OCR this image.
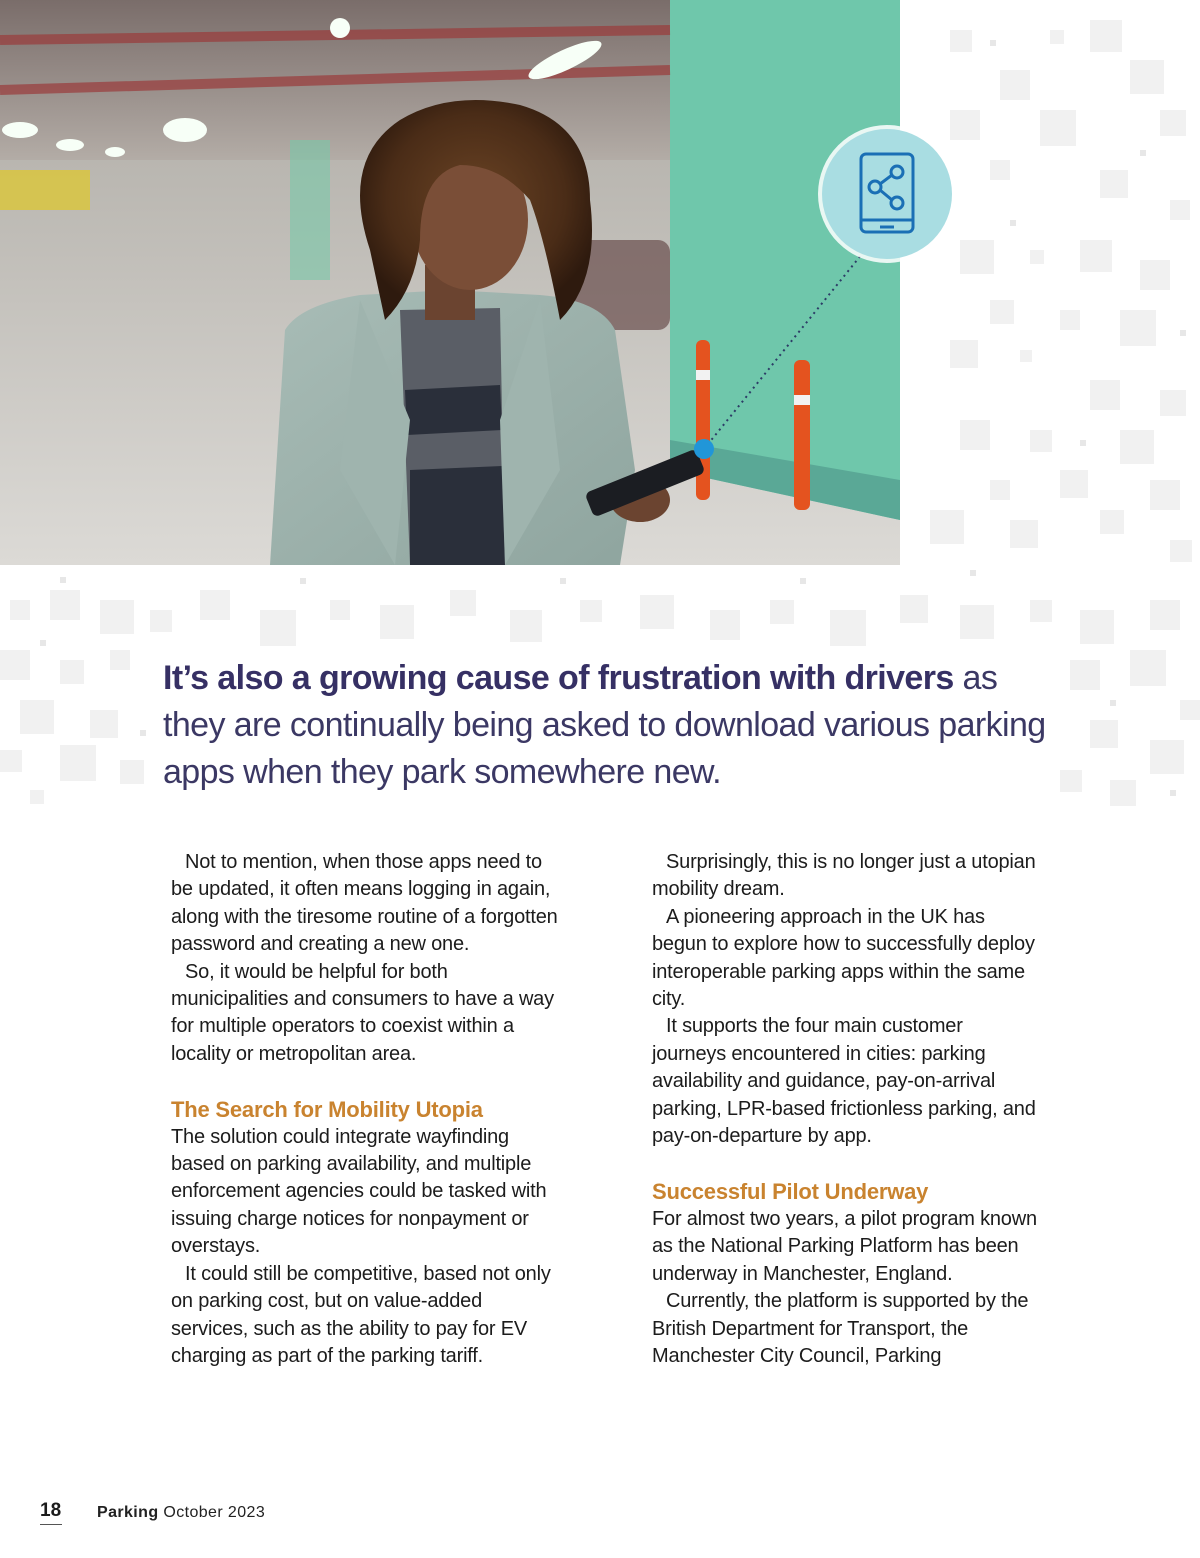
It’s also a growing cause of frustration with drivers as they are continually being asked to download various parking apps when they park somewhere new.

Not to mention, when those apps need to be updated, it often means logging in again, along with the tiresome routine of a forgotten password and creating a new one.

So, it would be helpful for both municipalities and consumers to have a way for multiple operators to coexist within a locality or metropolitan area.

The Search for Mobility Utopia

The solution could integrate wayfinding based on parking availability, and multiple enforcement agencies could be tasked with issuing charge notices for nonpayment or overstays.

It could still be competitive, based not only on parking cost, but on value-added services, such as the ability to pay for EV charging as part of the parking tariff.

Surprisingly, this is no longer just a utopian mobility dream.

A pioneering approach in the UK has begun to explore how to successfully deploy interoperable parking apps within the same city.

It supports the four main customer journeys encountered in cities: parking availability and guidance, pay-on-arrival parking, LPR-based frictionless parking, and pay-on-departure by app.

Successful Pilot Underway

For almost two years, a pilot program known as the National Parking Platform has been underway in Manchester, England.

Currently, the platform is supported by the British Department for Transport, the Manchester City Council, Parking

18 Parking October 2023
